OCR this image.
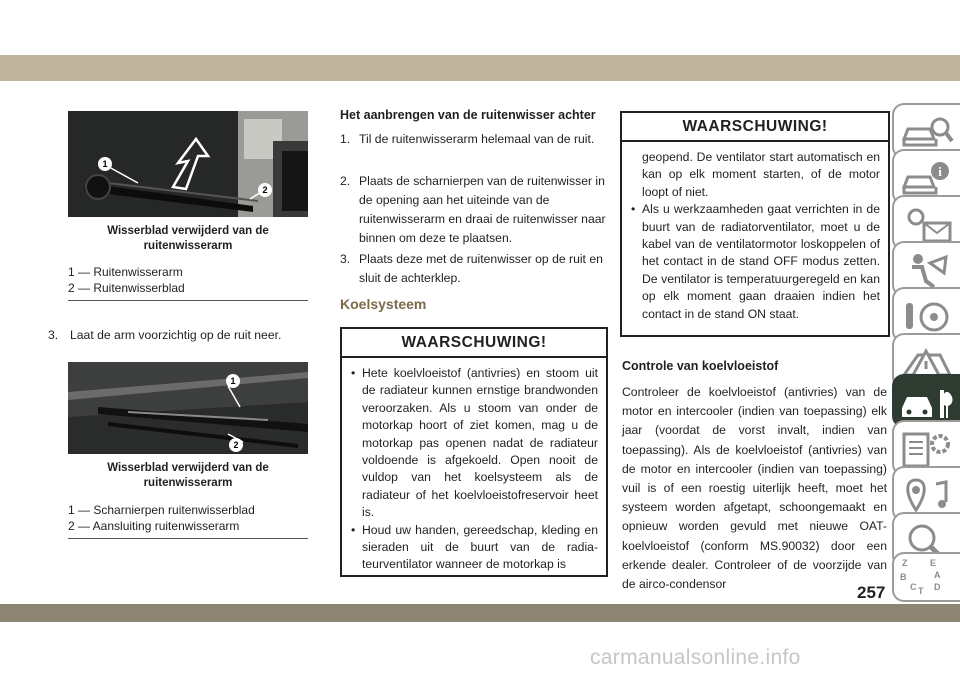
1
2
Wisserblad verwijderd van de ruitenwisserarm
1 — Ruitenwisserarm
2 — Ruitenwisserblad
3. Laat de arm voorzichtig op de ruit neer.
1
2
Wisserblad verwijderd van de ruitenwisserarm
1 — Scharnierpen ruitenwisserblad
2 — Aansluiting ruitenwisserarm
Het aanbrengen van de ruitenwisser achter
1. Til de ruitenwisserarm helemaal van de ruit.
2. Plaats de scharnierpen van de ruitenwisser in de opening aan het uiteinde van de ruitenwisserarm en draai de ruitenwisser naar binnen om deze te plaatsen.
3. Plaats deze met de ruitenwisser op de ruit en sluit de achterklep.
Koelsysteem
WAARSCHUWING!
• Hete koelvloeistof (antivries) en stoom uit de radiateur kunnen ernstige brandwonden veroorzaken. Als u stoom van onder de motorkap hoort of ziet komen, mag u de motorkap pas openen nadat de radiateur voldoende is afgekoeld. Open nooit de vuldop van het koelsysteem als de radiateur of het koelvloeistofreservoir heet is.
• Houd uw handen, gereedschap, kleding en sieraden uit de buurt van de radiateurventilator wanneer de motorkap is
WAARSCHUWING!
geopend. De ventilator start automatisch en kan op elk moment starten, of de motor loopt of niet.
• Als u werkzaamheden gaat verrichten in de buurt van de radiatorventilator, moet u de kabel van de ventilatormotor loskoppelen of het contact in de stand OFF modus zetten. De ventilator is temperatuurgeregeld en kan op elk moment gaan draaien indien het contact in de stand ON staat.
Controle van koelvloeistof
Controleer de koelvloeistof (antivries) van de motor en intercooler (indien van toepassing) elk jaar (voordat de vorst invalt, indien van toepassing). Als de koelvloeistof (antivries) van de motor en intercooler (indien van toepassing) vuil is of een roestig uiterlijk heeft, moet het systeem worden afgetapt, schoongemaakt en opnieuw worden gevuld met nieuwe OAT-koelvloeistof (conform MS.90032) door een erkende dealer. Controleer of de voorzijde van de airco-condensor
i
Z	E
B	A
C D
T
257
carmanualsonline.info
